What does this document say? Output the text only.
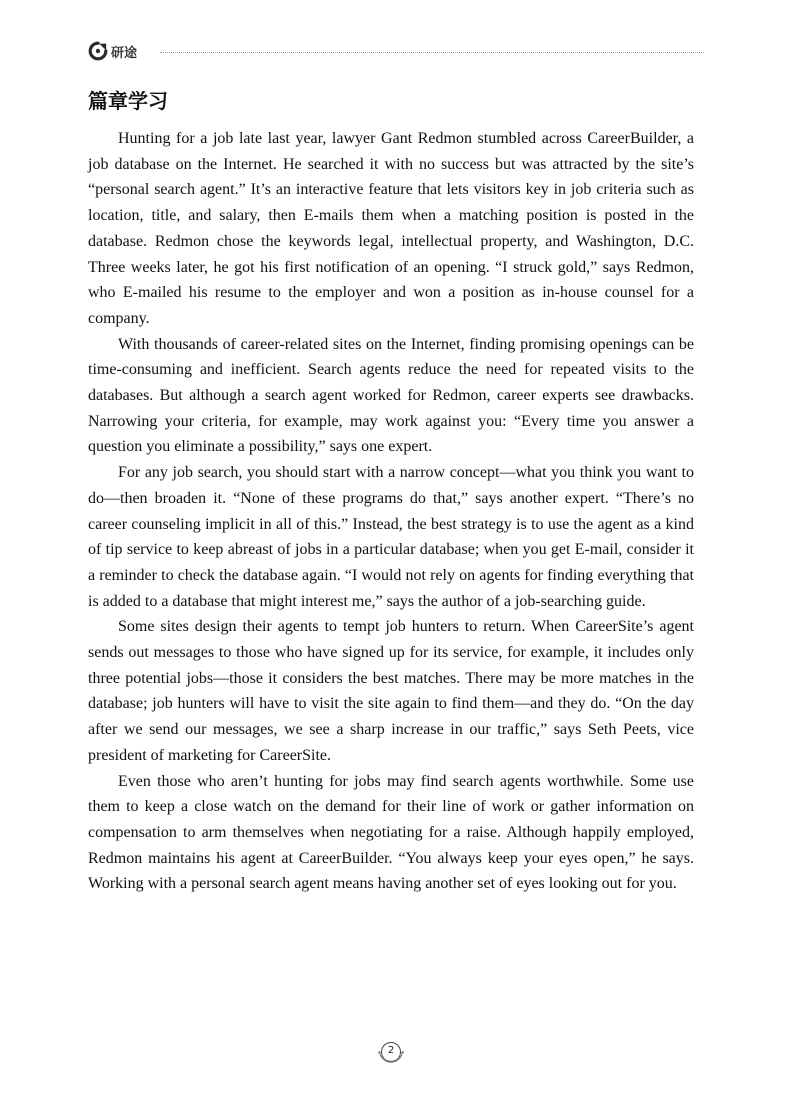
研途
篇章学习

Hunting for a job late last year, lawyer Gant Redmon stumbled across CareerBuilder, a job database on the Internet. He searched it with no success but was attracted by the site’s “personal search agent.” It’s an interactive feature that lets visitors key in job criteria such as location, title, and salary, then E-mails them when a matching position is posted in the database. Redmon chose the keywords legal, intellectual property, and Washington, D.C. Three weeks later, he got his first notification of an opening. “I struck gold,” says Redmon, who E-mailed his resume to the employer and won a position as in-house counsel for a company.

With thousands of career-related sites on the Internet, finding promising openings can be time-consuming and inefficient. Search agents reduce the need for repeated visits to the databases. But although a search agent worked for Redmon, career experts see drawbacks. Narrowing your criteria, for example, may work against you: “Every time you answer a question you eliminate a possibility,” says one expert.

For any job search, you should start with a narrow concept—what you think you want to do—then broaden it. “None of these programs do that,” says another expert. “There’s no career counseling implicit in all of this.” Instead, the best strategy is to use the agent as a kind of tip service to keep abreast of jobs in a particular database; when you get E-mail, consider it a reminder to check the database again. “I would not rely on agents for finding everything that is added to a database that might interest me,” says the author of a job-searching guide.

Some sites design their agents to tempt job hunters to return. When CareerSite’s agent sends out messages to those who have signed up for its service, for example, it includes only three potential jobs—those it considers the best matches. There may be more matches in the database; job hunters will have to visit the site again to find them—and they do. “On the day after we send our messages, we see a sharp increase in our traffic,” says Seth Peets, vice president of marketing for CareerSite.

Even those who aren’t hunting for jobs may find search agents worthwhile. Some use them to keep a close watch on the demand for their line of work or gather information on compensation to arm themselves when negotiating for a raise. Although happily employed, Redmon maintains his agent at CareerBuilder. “You always keep your eyes open,” he says. Working with a personal search agent means having another set of eyes looking out for you.

2
